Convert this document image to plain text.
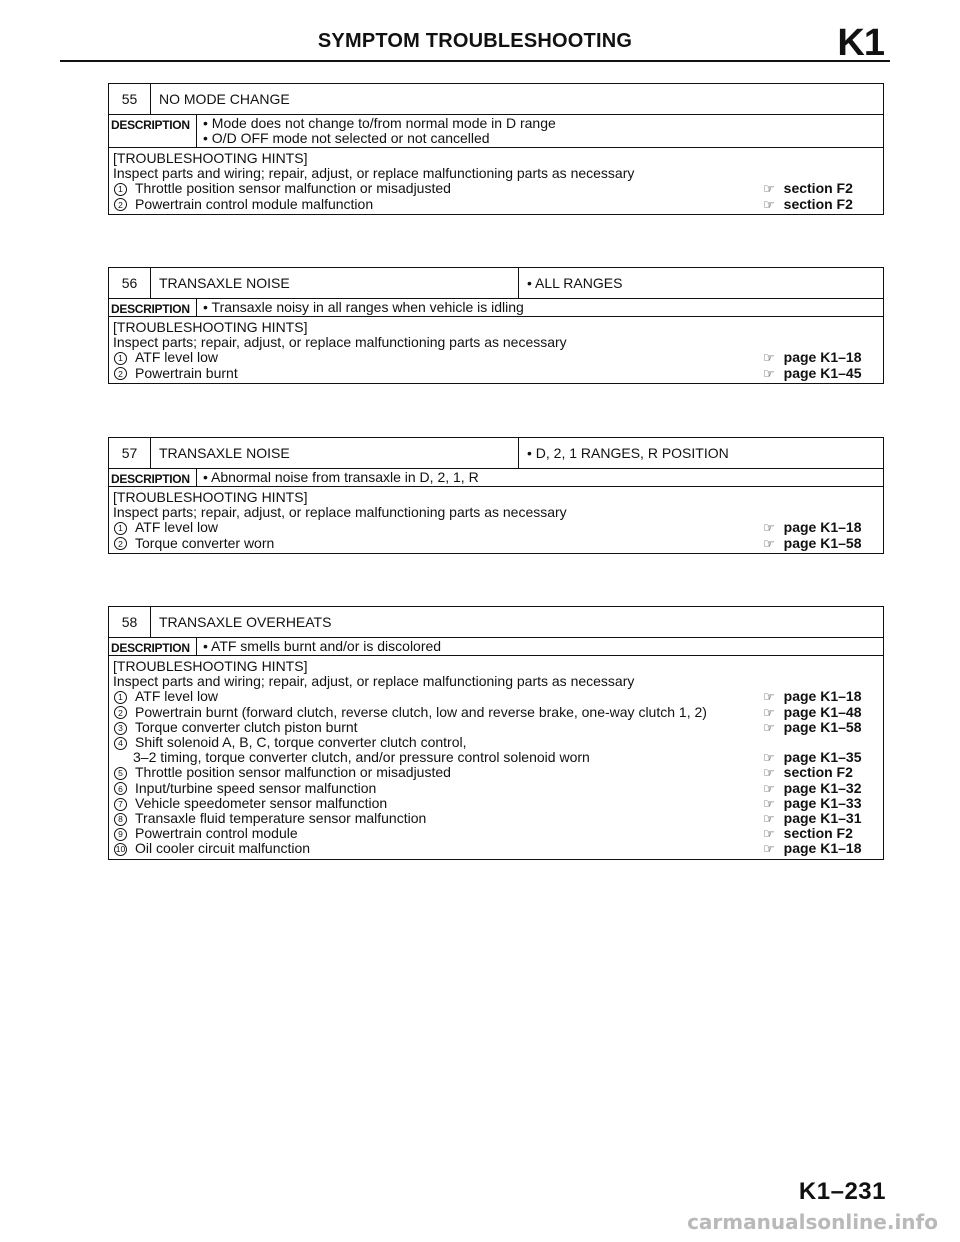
SYMPTOM TROUBLESHOOTING	K1
55	NO MODE CHANGE
DESCRIPTION • Mode does not change to/from normal mode in D range
• O/D OFF mode not selected or not cancelled
[TROUBLESHOOTING HINTS]
Inspect parts and wiring; repair, adjust, or replace malfunctioning parts as necessary
1 Throttle position sensor malfunction or misadjusted	☞ section F2
2 Powertrain control module malfunction	☞ section F2
56	TRANSAXLE NOISE	• ALL RANGES
DESCRIPTION • Transaxle noisy in all ranges when vehicle is idling
[TROUBLESHOOTING HINTS]
Inspect parts; repair, adjust, or replace malfunctioning parts as necessary
1 ATF level low	☞ page K1–18
2 Powertrain burnt	☞ page K1–45
57	TRANSAXLE NOISE	• D, 2, 1 RANGES, R POSITION
DESCRIPTION • Abnormal noise from transaxle in D, 2, 1, R
[TROUBLESHOOTING HINTS]
Inspect parts; repair, adjust, or replace malfunctioning parts as necessary
1 ATF level low	☞ page K1–18
2 Torque converter worn	☞ page K1–58
58	TRANSAXLE OVERHEATS
DESCRIPTION • ATF smells burnt and/or is discolored
[TROUBLESHOOTING HINTS]
Inspect parts and wiring; repair, adjust, or replace malfunctioning parts as necessary
1 ATF level low	☞ page K1–18
2 Powertrain burnt (forward clutch, reverse clutch, low and reverse brake, one-way clutch 1, 2)	☞ page K1–48
3 Torque converter clutch piston burnt	☞ page K1–58
4 Shift solenoid A, B, C, torque converter clutch control,
3–2 timing, torque converter clutch, and/or pressure control solenoid worn	☞ page K1–35
5 Throttle position sensor malfunction or misadjusted	☞ section F2
6 Input/turbine speed sensor malfunction	☞ page K1–32
7 Vehicle speedometer sensor malfunction	☞ page K1–33
8 Transaxle fluid temperature sensor malfunction	☞ page K1–31
9 Powertrain control module	☞ section F2
10 Oil cooler circuit malfunction	☞ page K1–18
K1–231
carmanualsonline.info
